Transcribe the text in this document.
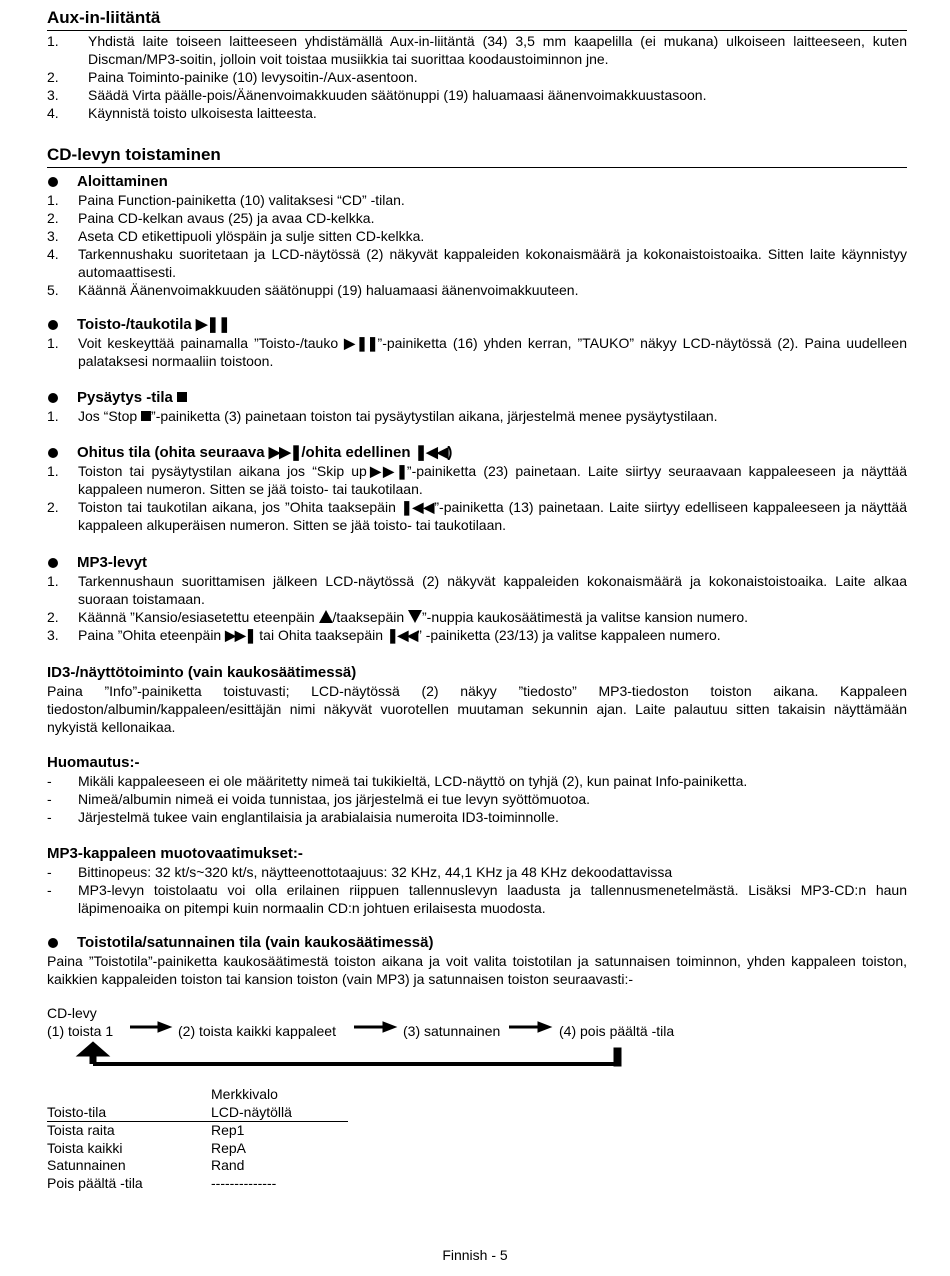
Aux-in-liitäntä
1. Yhdistä laite toiseen laitteeseen yhdistämällä Aux-in-liitäntä (34) 3,5 mm kaapelilla (ei mukana) ulkoiseen laitteeseen, kuten Discman/MP3-soitin, jolloin voit toistaa musiikkia tai suorittaa koodaustoiminnon jne.
2. Paina Toiminto-painike (10) levysoitin-/Aux-asentoon.
3. Säädä Virta päälle-pois/Äänenvoimakkuuden säätönuppi (19) haluamaasi äänenvoimakkuustasoon.
4. Käynnistä toisto ulkoisesta laitteesta.
CD-levyn toistaminen
Aloittaminen
1. Paina Function-painiketta (10) valitaksesi “CD” -tilan.
2. Paina CD-kelkan avaus (25) ja avaa CD-kelkka.
3. Aseta CD etikettipuoli ylöspäin ja sulje sitten CD-kelkka.
4. Tarkennushaku suoritetaan ja LCD-näytössä (2) näkyvät kappaleiden kokonaismäärä ja kokonaistoistoaika. Sitten laite käynnistyy automaattisesti.
5. Käännä Äänenvoimakkuuden säätönuppi (19) haluamaasi äänenvoimakkuuteen.
Toisto-/taukotila ▶❚❚
1. Voit keskeyttää painamalla ”Toisto-/tauko ▶❚❚”-painiketta (16) yhden kerran, ”TAUKO” näkyy LCD-näytössä (2). Paina uudelleen palataksesi normaaliin toistoon.
Pysäytys -tila
1. Jos “Stop ”-painiketta (3) painetaan toiston tai pysäytystilan aikana, järjestelmä menee pysäytystilaan.
Ohitus tila (ohita seuraava ▶▶❚/ohita edellinen ❚◀◀)
1. Toiston tai pysäytystilan aikana jos “Skip up▶▶❚”-painiketta (23) painetaan. Laite siirtyy seuraavaan kappaleeseen ja näyttää kappaleen numeron. Sitten se jää toisto- tai taukotilaan.
2. Toiston tai taukotilan aikana, jos ”Ohita taaksepäin ❚◀◀”-painiketta (13) painetaan. Laite siirtyy edelliseen kappaleeseen ja näyttää kappaleen alkuperäisen numeron. Sitten se jää toisto- tai taukotilaan.
MP3-levyt
1. Tarkennushaun suorittamisen jälkeen LCD-näytössä (2) näkyvät kappaleiden kokonaismäärä ja kokonaistoistoaika. Laite alkaa suoraan toistamaan.
2. Käännä ”Kansio/esiasetettu eteenpäin /taaksepäin ”-nuppia kaukosäätimestä ja valitse kansion numero.
3. Paina ”Ohita eteenpäin ▶▶❚ tai Ohita taaksepäin ❚◀◀” -painiketta (23/13) ja valitse kappaleen numero.
ID3-/näyttötoiminto (vain kaukosäätimessä)

Paina ”Info”-painiketta toistuvasti; LCD-näytössä (2) näkyy ”tiedosto” MP3-tiedoston toiston aikana. Kappaleen tiedoston/albumin/kappaleen/esittäjän nimi näkyvät vuorotellen muutaman sekunnin ajan. Laite palautuu sitten takaisin näyttämään nykyistä kellonaikaa.

Huomautus:-
- Mikäli kappaleeseen ei ole määritetty nimeä tai tukikieltä, LCD-näyttö on tyhjä (2), kun painat Info-painiketta.
- Nimeä/albumin nimeä ei voida tunnistaa, jos järjestelmä ei tue levyn syöttömuotoa.
- Järjestelmä tukee vain englantilaisia ja arabialaisia numeroita ID3-toiminnolle.
MP3-kappaleen muotovaatimukset:-
- Bittinopeus: 32 kt/s~320 kt/s, näytteenottotaajuus: 32 KHz, 44,1 KHz ja 48 KHz dekoodattavissa
- MP3-levyn toistolaatu voi olla erilainen riippuen tallennuslevyn laadusta ja tallennusmenetelmästä. Lisäksi MP3-CD:n haun läpimenoaika on pitempi kuin normaalin CD:n johtuen erilaisesta muodosta.
Toistotila/satunnainen tila (vain kaukosäätimessä)

Paina ”Toistotila”-painiketta kaukosäätimestä toiston aikana ja voit valita toistotilan ja satunnaisen toiminnon, yhden kappaleen toiston, kaikkien kappaleiden toiston tai kansion toiston (vain MP3) ja satunnaisen toiston seuraavasti:-

CD-levy
(1) toista 1	(2) toista kaikki kappaleet	(3) satunnainen	(4) pois päältä -tila
	Merkkivalo
Toisto-tila	LCD-näytöllä
Toista raita	Rep1
Toista kaikki	RepA
Satunnainen	Rand
Pois päältä -tila	--------------
Finnish - 5
